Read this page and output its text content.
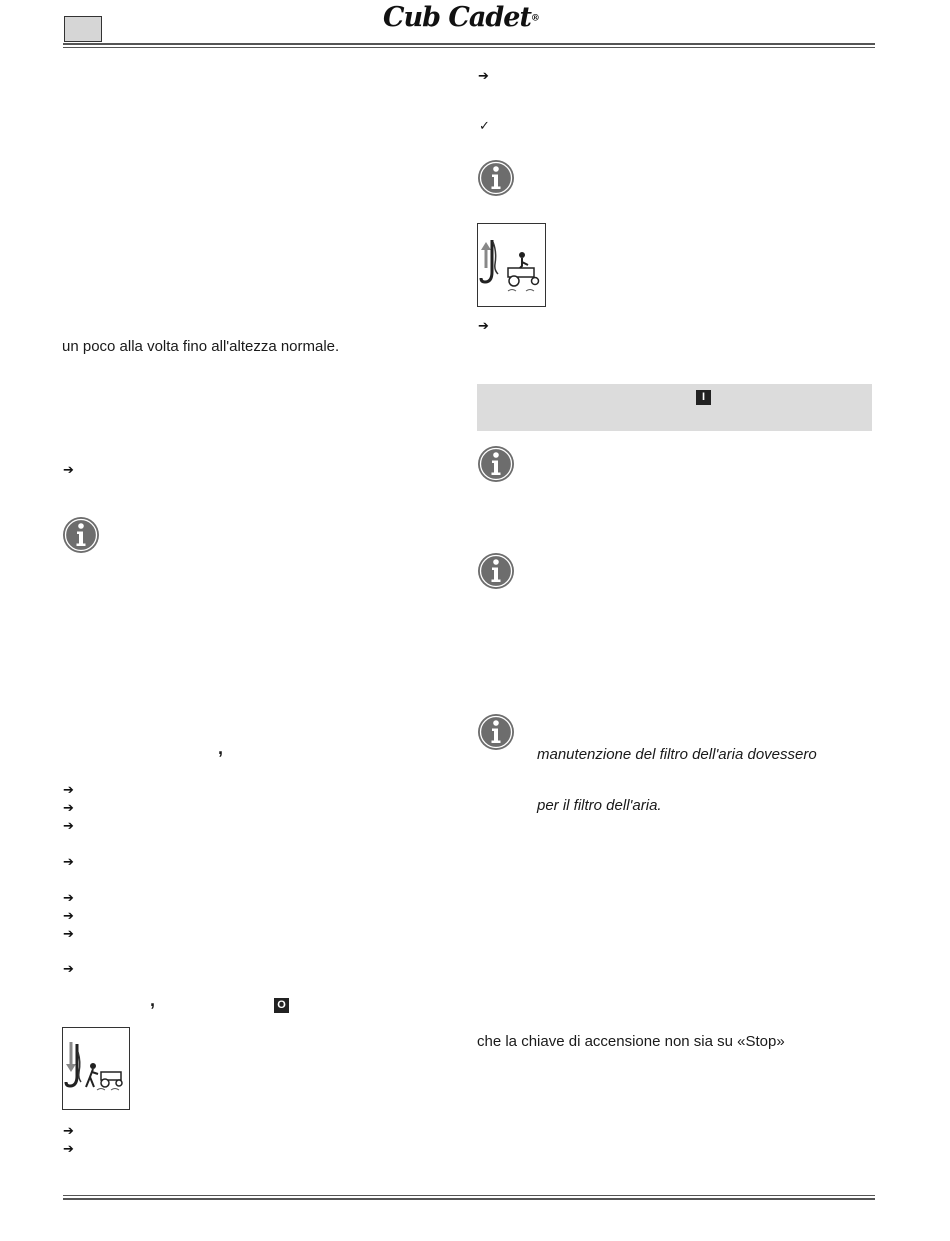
Cub Cadet®
un poco alla volta fino all'altezza normale.
➔
,
➔
➔
➔
➔
➔
➔
➔
➔
,	O
➔
➔
➔
✓
➔
I
manutenzione del filtro dell'aria dovessero
per il filtro dell'aria.
che la chiave di accensione non sia su «Stop»
